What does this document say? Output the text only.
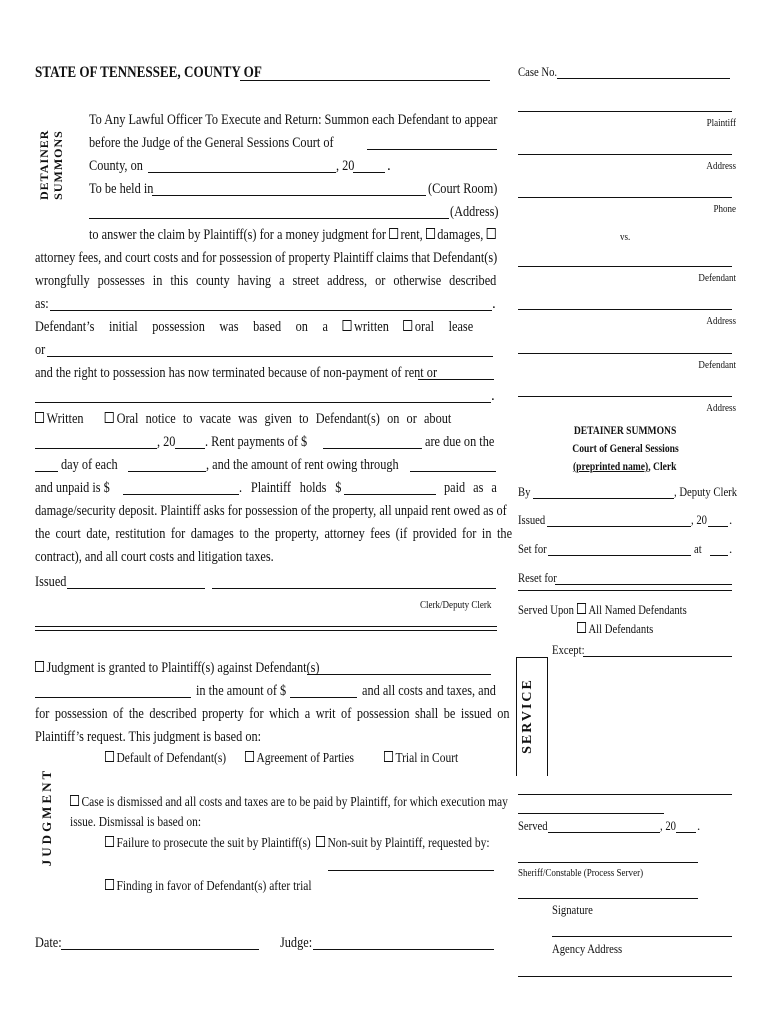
STATE OF TENNESSEE, COUNTY OF
DETAINER SUMMONS
JUDGMENT
To Any Lawful Officer To Execute and Return: Summon each Defendant to appear
before the Judge of the General Sessions Court of
County, on	, 20 .
To be held in	(Court Room)
(Address)
to answer the claim by Plaintiff(s) for a money judgment for rent, damages,
attorney fees, and court costs and for possession of property Plaintiff claims that Defendant(s)
wrongfully possesses in this county having a street address, or otherwise described
as:	.
Defendant’s initial possession was based on a written oral lease
or
and the right to possession has now terminated because of non-payment of rent or
.
Written Oral notice to vacate was given to Defendant(s) on or about
, 20 . Rent payments of $	are due on the
day of each	, and the amount of rent owing through
and unpaid is $	. Plaintiff holds $	paid as a
damage/security deposit. Plaintiff asks for possession of the property, all unpaid rent owed as of
the court date, restitution for damages to the property, attorney fees (if provided for in the
contract), and all court costs and litigation taxes.
Issued
Clerk/Deputy Clerk
Judgment is granted to Plaintiff(s) against Defendant(s)
in the amount of $	and all costs and taxes, and
for possession of the described property for which a writ of possession shall be issued on
Plaintiff’s request. This judgment is based on:
Default of Defendant(s)	Agreement of Parties	Trial in Court
Case is dismissed and all costs and taxes are to be paid by Plaintiff, for which execution may
issue. Dismissal is based on:
Failure to prosecute the suit by Plaintiff(s)	Non-suit by Plaintiff, requested by:
Finding in favor of Defendant(s) after trial
Date:	Judge:
Case No.
Plaintiff
Address
Phone
vs.
Defendant
Address
Defendant
Address
DETAINER SUMMONS
Court of General Sessions
(preprinted name), Clerk
By	, Deputy Clerk
Issued	, 20 .
Set for	at .
Reset for
Served Upon	All Named Defendants
All Defendants
Except:
SERVICE
Served	, 20 .
Sheriff/Constable (Process Server)
Signature
Agency Address
